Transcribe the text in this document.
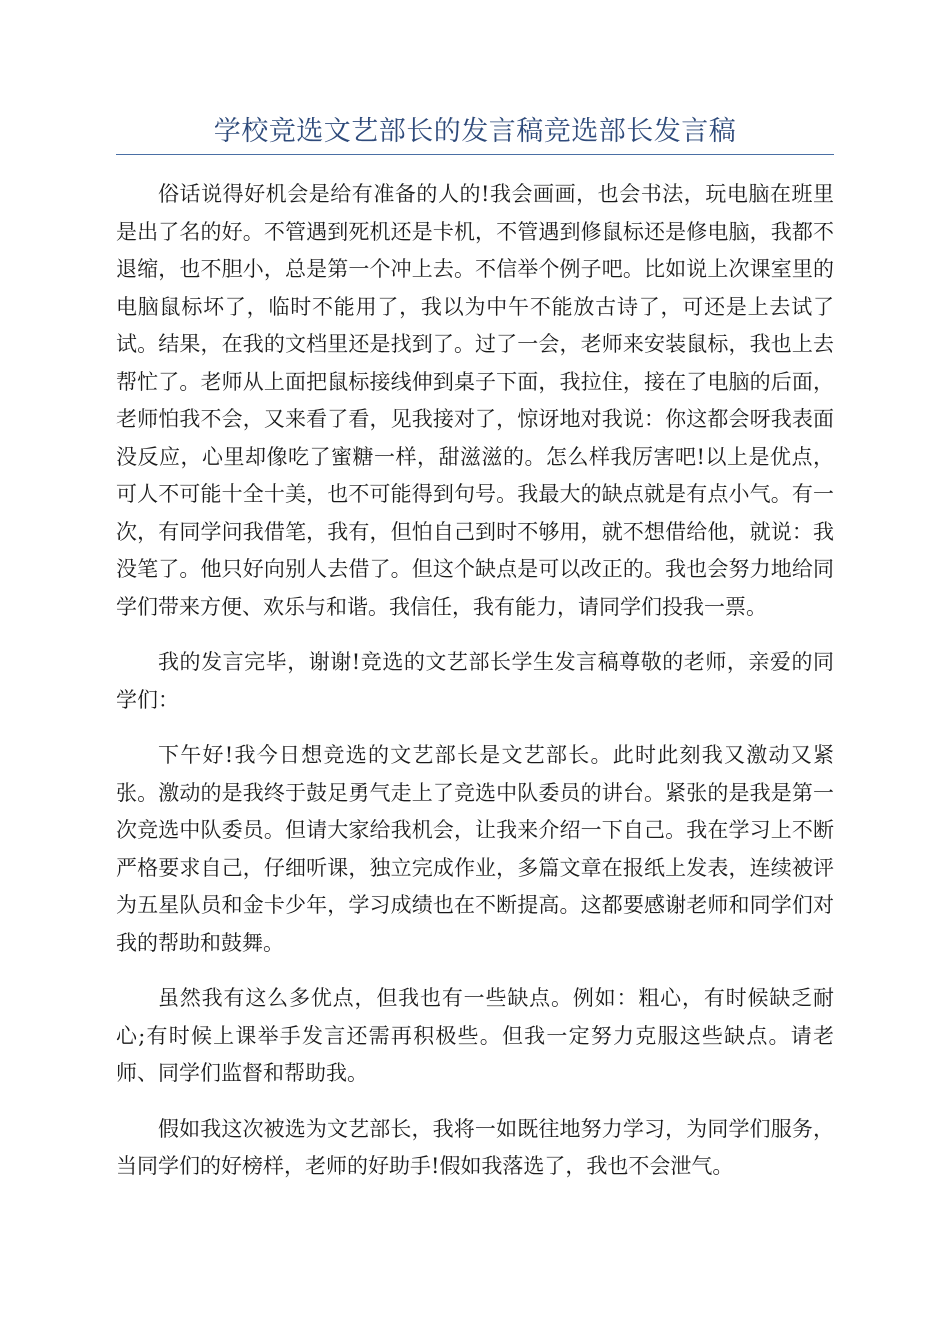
学校竞选文艺部长的发言稿竞选部长发言稿

俗话说得好机会是给有准备的人的!我会画画，也会书法，玩电脑在班里是出了名的好。不管遇到死机还是卡机，不管遇到修鼠标还是修电脑，我都不退缩，也不胆小，总是第一个冲上去。不信举个例子吧。比如说上次课室里的电脑鼠标坏了，临时不能用了，我以为中午不能放古诗了，可还是上去试了试。结果，在我的文档里还是找到了。过了一会，老师来安装鼠标，我也上去帮忙了。老师从上面把鼠标接线伸到桌子下面，我拉住，接在了电脑的后面，老师怕我不会，又来看了看，见我接对了，惊讶地对我说：你这都会呀我表面没反应，心里却像吃了蜜糖一样，甜滋滋的。怎么样我厉害吧!以上是优点，可人不可能十全十美，也不可能得到句号。我最大的缺点就是有点小气。有一次，有同学问我借笔，我有，但怕自己到时不够用，就不想借给他，就说：我没笔了。他只好向别人去借了。但这个缺点是可以改正的。我也会努力地给同学们带来方便、欢乐与和谐。我信任，我有能力，请同学们投我一票。

我的发言完毕，谢谢!竞选的文艺部长学生发言稿尊敬的老师，亲爱的同学们：

下午好!我今日想竞选的文艺部长是文艺部长。此时此刻我又激动又紧张。激动的是我终于鼓足勇气走上了竞选中队委员的讲台。紧张的是我是第一次竞选中队委员。但请大家给我机会，让我来介绍一下自己。我在学习上不断严格要求自己，仔细听课，独立完成作业，多篇文章在报纸上发表，连续被评为五星队员和金卡少年，学习成绩也在不断提高。这都要感谢老师和同学们对我的帮助和鼓舞。

虽然我有这么多优点，但我也有一些缺点。例如：粗心，有时候缺乏耐心;有时候上课举手发言还需再积极些。但我一定努力克服这些缺点。请老师、同学们监督和帮助我。

假如我这次被选为文艺部长，我将一如既往地努力学习，为同学们服务，当同学们的好榜样，老师的好助手!假如我落选了，我也不会泄气。
